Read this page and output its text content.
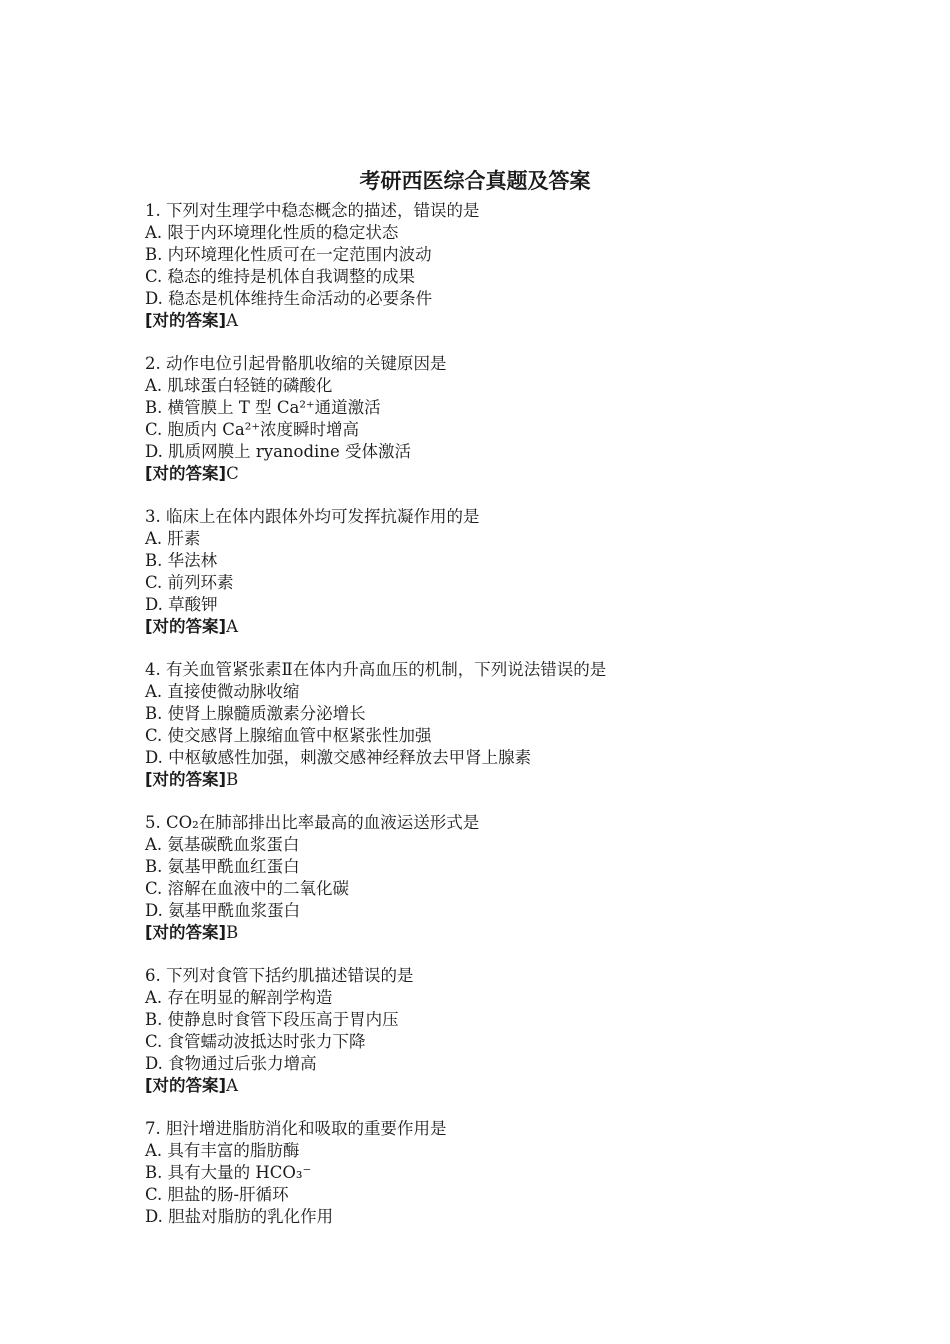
考研西医综合真题及答案
1. 下列对生理学中稳态概念的描述，错误的是
A. 限于内环境理化性质的稳定状态
B. 内环境理化性质可在一定范围内波动
C. 稳态的维持是机体自我调整的成果
D. 稳态是机体维持生命活动的必要条件
[对的答案]A
2. 动作电位引起骨骼肌收缩的关键原因是
A. 肌球蛋白轻链的磷酸化
B. 横管膜上 T 型 Ca²⁺通道激活
C. 胞质内 Ca²⁺浓度瞬时增高
D. 肌质网膜上 ryanodine 受体激活
[对的答案]C
3. 临床上在体内跟体外均可发挥抗凝作用的是
A. 肝素
B. 华法林
C. 前列环素
D. 草酸钾
[对的答案]A
4. 有关血管紧张素Ⅱ在体内升高血压的机制，下列说法错误的是
A. 直接使微动脉收缩
B. 使肾上腺髓质激素分泌增长
C. 使交感肾上腺缩血管中枢紧张性加强
D. 中枢敏感性加强，刺激交感神经释放去甲肾上腺素
[对的答案]B
5. CO₂在肺部排出比率最高的血液运送形式是
A. 氨基碳酰血浆蛋白
B. 氨基甲酰血红蛋白
C. 溶解在血液中的二氧化碳
D. 氨基甲酰血浆蛋白
[对的答案]B
6. 下列对食管下括约肌描述错误的是
A. 存在明显的解剖学构造
B. 使静息时食管下段压高于胃内压
C. 食管蠕动波抵达时张力下降
D. 食物通过后张力增高
[对的答案]A
7. 胆汁增进脂肪消化和吸取的重要作用是
A. 具有丰富的脂肪酶
B. 具有大量的 HCO₃⁻
C. 胆盐的肠-肝循环
D. 胆盐对脂肪的乳化作用
